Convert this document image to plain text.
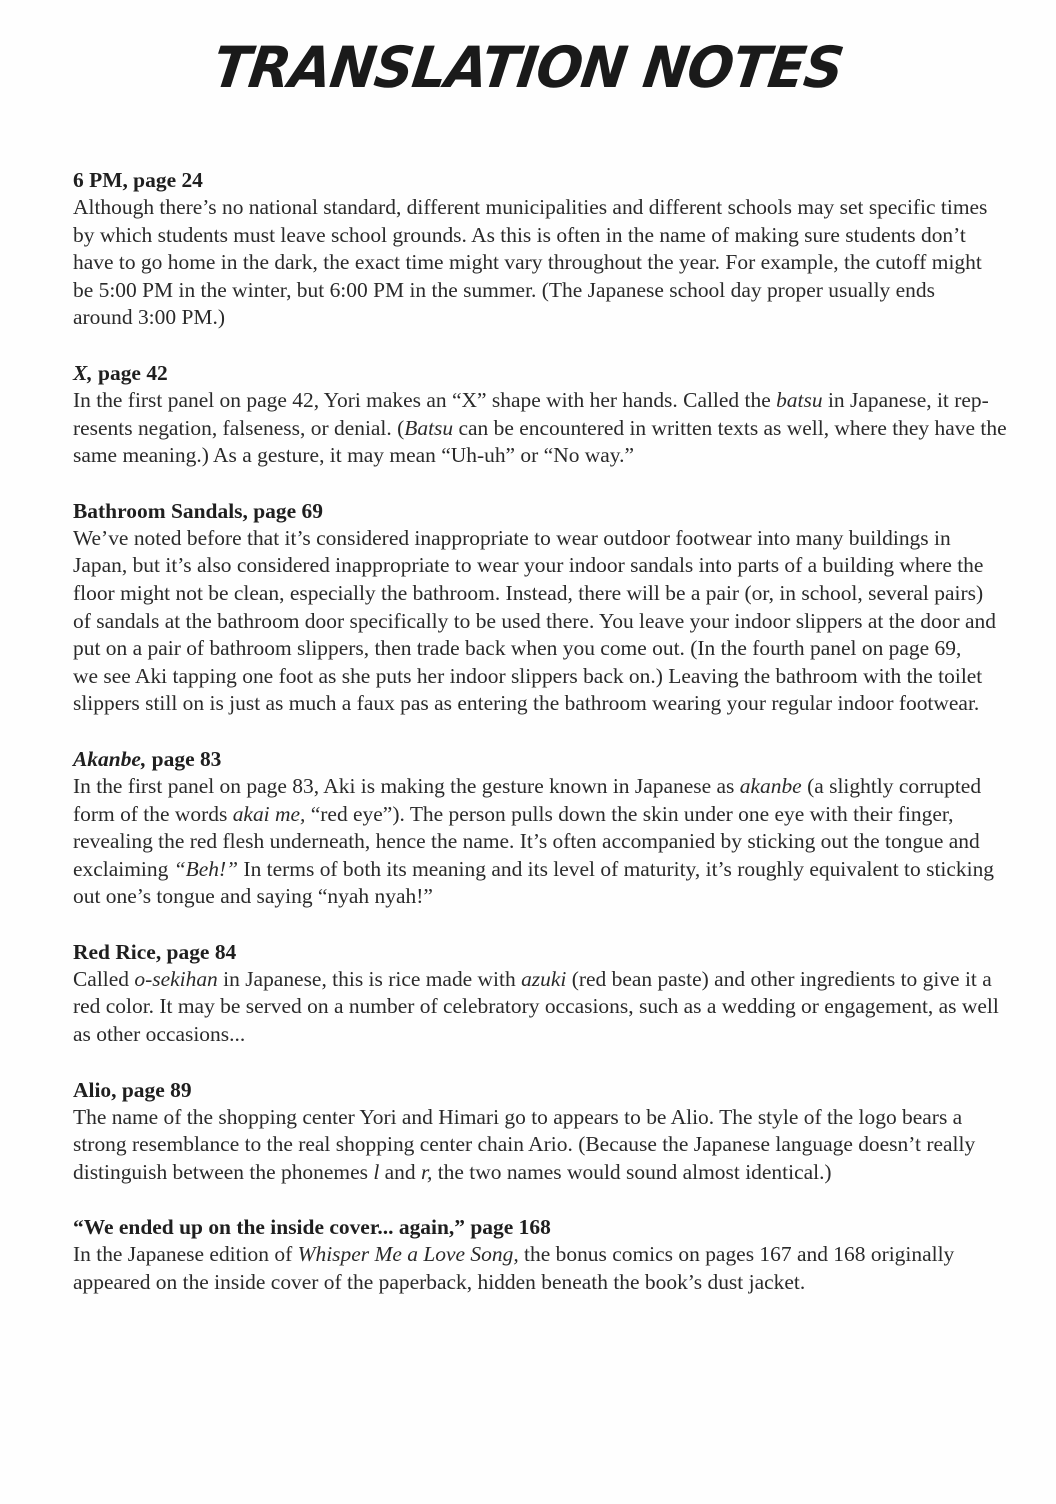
TRANSLATION NOTES
6 PM, page 24
Although there’s no national standard, different municipalities and different schools may set specific times
by which students must leave school grounds. As this is often in the name of making sure students don’t
have to go home in the dark, the exact time might vary throughout the year. For example, the cutoff might
be 5:00 PM in the winter, but 6:00 PM in the summer. (The Japanese school day proper usually ends
around 3:00 PM.)
X, page 42
In the first panel on page 42, Yori makes an “X” shape with her hands. Called the batsu in Japanese, it rep-
resents negation, falseness, or denial. (Batsu can be encountered in written texts as well, where they have the
same meaning.) As a gesture, it may mean “Uh-uh” or “No way.”
Bathroom Sandals, page 69
We’ve noted before that it’s considered inappropriate to wear outdoor footwear into many buildings in
Japan, but it’s also considered inappropriate to wear your indoor sandals into parts of a building where the
floor might not be clean, especially the bathroom. Instead, there will be a pair (or, in school, several pairs)
of sandals at the bathroom door specifically to be used there. You leave your indoor slippers at the door and
put on a pair of bathroom slippers, then trade back when you come out. (In the fourth panel on page 69,
we see Aki tapping one foot as she puts her indoor slippers back on.) Leaving the bathroom with the toilet
slippers still on is just as much a faux pas as entering the bathroom wearing your regular indoor footwear.
Akanbe, page 83
In the first panel on page 83, Aki is making the gesture known in Japanese as akanbe (a slightly corrupted
form of the words akai me, “red eye”). The person pulls down the skin under one eye with their finger,
revealing the red flesh underneath, hence the name. It’s often accompanied by sticking out the tongue and
exclaiming “Beh!” In terms of both its meaning and its level of maturity, it’s roughly equivalent to sticking
out one’s tongue and saying “nyah nyah!”
Red Rice, page 84
Called o-sekihan in Japanese, this is rice made with azuki (red bean paste) and other ingredients to give it a
red color. It may be served on a number of celebratory occasions, such as a wedding or engagement, as well
as other occasions...
Alio, page 89
The name of the shopping center Yori and Himari go to appears to be Alio. The style of the logo bears a
strong resemblance to the real shopping center chain Ario. (Because the Japanese language doesn’t really
distinguish between the phonemes l and r, the two names would sound almost identical.)
“We ended up on the inside cover... again,” page 168
In the Japanese edition of Whisper Me a Love Song, the bonus comics on pages 167 and 168 originally
appeared on the inside cover of the paperback, hidden beneath the book’s dust jacket.
